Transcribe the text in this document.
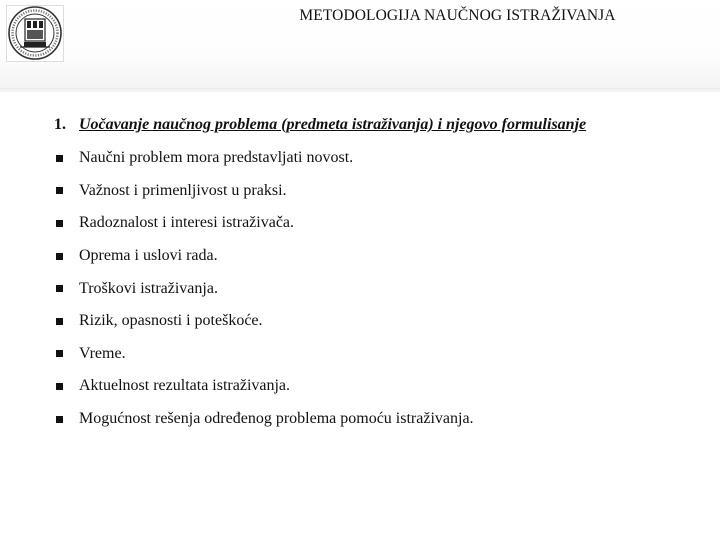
METODOLOGIJA NAUČNOG ISTRAŽIVANJA
1. Uočavanje naučnog problema (predmeta istraživanja) i njegovo formulisanje
Naučni problem mora predstavljati novost.
Važnost i primenljivost u praksi.
Radoznalost i interesi istraživača.
Oprema i uslovi rada.
Troškovi istraživanja.
Rizik, opasnosti i poteškoće.
Vreme.
Aktuelnost rezultata istraživanja.
Mogućnost rešenja određenog problema pomoću istraživanja.
